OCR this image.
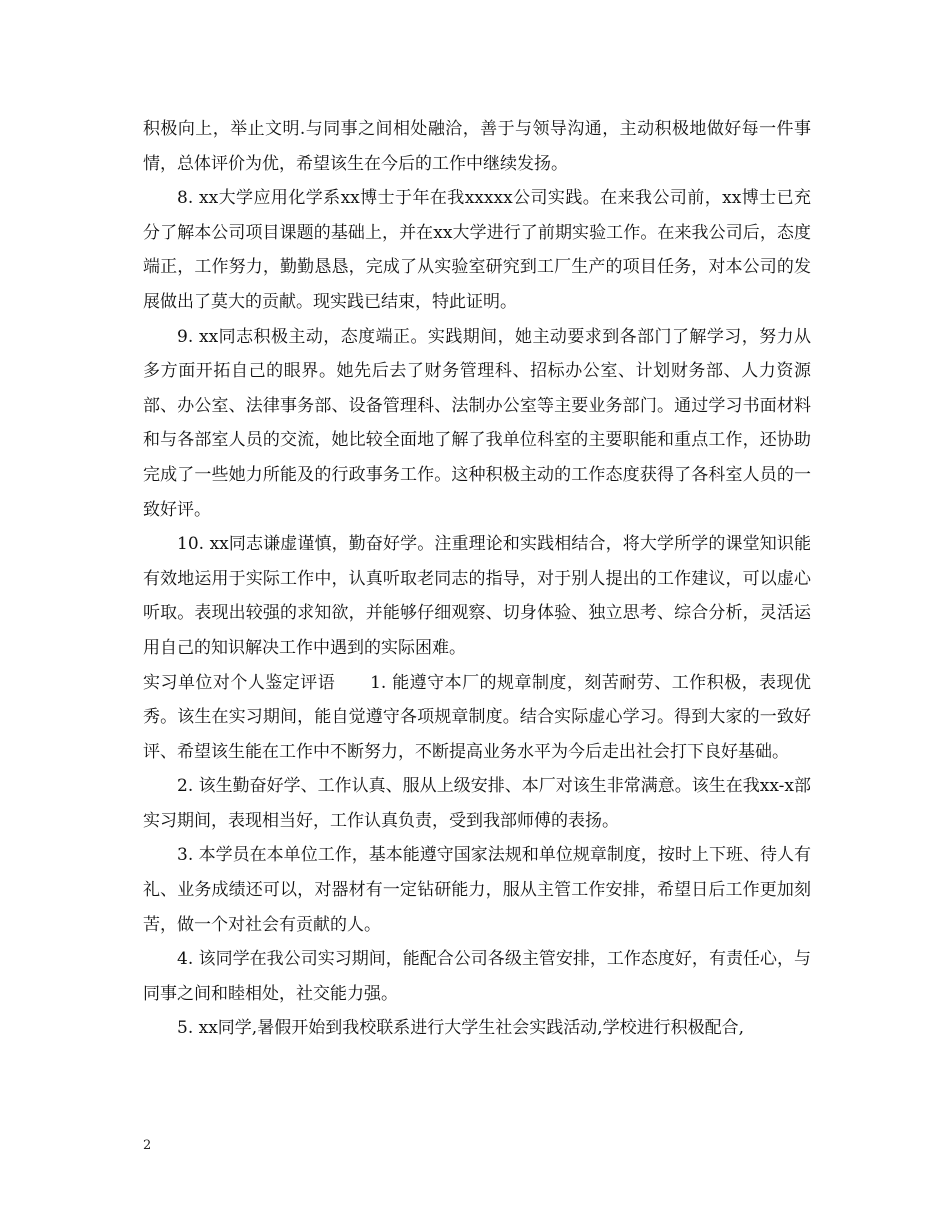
积极向上，举止文明.与同事之间相处融洽，善于与领导沟通，主动积极地做好每一件事情，总体评价为优，希望该生在今后的工作中继续发扬。

8. xx大学应用化学系xx博士于年在我xxxxx公司实践。在来我公司前，xx博士已充分了解本公司项目课题的基础上，并在xx大学进行了前期实验工作。在来我公司后，态度端正，工作努力，勤勤恳恳，完成了从实验室研究到工厂生产的项目任务，对本公司的发展做出了莫大的贡献。现实践已结束，特此证明。

9. xx同志积极主动，态度端正。实践期间，她主动要求到各部门了解学习，努力从多方面开拓自己的眼界。她先后去了财务管理科、招标办公室、计划财务部、人力资源部、办公室、法律事务部、设备管理科、法制办公室等主要业务部门。通过学习书面材料和与各部室人员的交流，她比较全面地了解了我单位科室的主要职能和重点工作，还协助完成了一些她力所能及的行政事务工作。这种积极主动的工作态度获得了各科室人员的一致好评。

10. xx同志谦虚谨慎，勤奋好学。注重理论和实践相结合，将大学所学的课堂知识能有效地运用于实际工作中，认真听取老同志的指导，对于别人提出的工作建议，可以虚心听取。表现出较强的求知欲，并能够仔细观察、切身体验、独立思考、综合分析，灵活运用自己的知识解决工作中遇到的实际困难。

实习单位对个人鉴定评语　　1. 能遵守本厂的规章制度，刻苦耐劳、工作积极，表现优秀。该生在实习期间，能自觉遵守各项规章制度。结合实际虚心学习。得到大家的一致好评、希望该生能在工作中不断努力，不断提高业务水平为今后走出社会打下良好基础。

2. 该生勤奋好学、工作认真、服从上级安排、本厂对该生非常满意。该生在我xx-x部实习期间，表现相当好，工作认真负责，受到我部师傅的表扬。

3. 本学员在本单位工作，基本能遵守国家法规和单位规章制度，按时上下班、待人有礼、业务成绩还可以，对器材有一定钻研能力，服从主管工作安排，希望日后工作更加刻苦，做一个对社会有贡献的人。

4. 该同学在我公司实习期间，能配合公司各级主管安排，工作态度好，有责任心，与同事之间和睦相处，社交能力强。

5. xx同学,暑假开始到我校联系进行大学生社会实践活动,学校进行积极配合,

2
